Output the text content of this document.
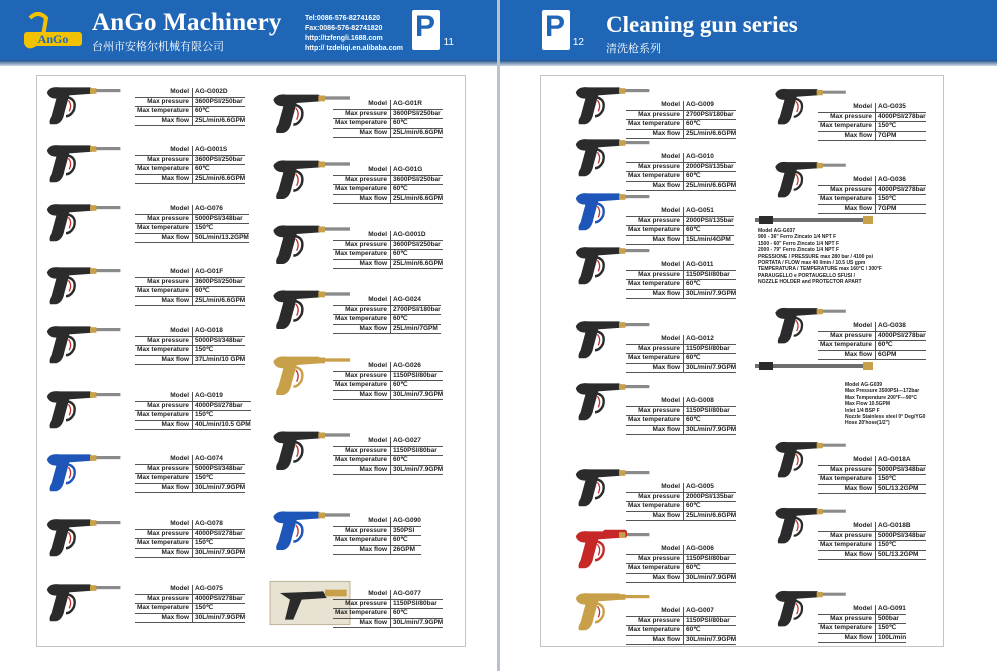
AnGo
AnGo Machinery
台州市安格尔机械有限公司
Tel:0086-576-82741620
Fax:0086-576-82741820
http://tzfengli.1688.com
http:// tzdeliqi.en.alibaba.com
P 11	P 12
Cleaning gun series
清洗枪系列
Model AG-G002D
Max pressure 3600PSI/250bar
Max temperature 60℃
Max flow 25L/min/6.6GPM
Model AG-G001S
Max pressure 3600PSI/250bar
Max temperature 60℃
Max flow 25L/min/6.6GPM
Model AG-G076
Max pressure 5000PSI/348bar
Max temperature 150℃
Max flow 50L/min/13.2GPM
Model AG-G01F
Max pressure 3600PSI/250bar
Max temperature 60℃
Max flow 25L/min/6.6GPM
Model AG-G018
Max pressure 5000PSI/348bar
Max temperature 150℃
Max flow 37L/min/10 GPM
Model AG-G019
Max pressure 4000PSI/278bar
Max temperature 150℃
Max flow 40L/min/10.5 GPM
Model AG-G074
Max pressure 5000PSI/348bar
Max temperature 150℃
Max flow 30L/min/7.9GPM
Model AG-G078
Max pressure 4000PSI/278bar
Max temperature 150℃
Max flow 30L/min/7.9GPM
Model AG-G075
Max pressure 4000PSI/278bar
Max temperature 150℃
Max flow 30L/min/7.9GPM
Model AG-G01R
Max pressure 3600PSI/250bar
Max temperature 60℃
Max flow 25L/min/6.6GPM
Model AG-G01G
Max pressure 3600PSI/250bar
Max temperature 60℃
Max flow 25L/min/6.6GPM
Model AG-G001D
Max pressure 3600PSI/250bar
Max temperature 60℃
Max flow 25L/min/6.6GPM
Model AG-G024
Max pressure 2700PSI/180bar
Max temperature 60℃
Max flow 25L/min/7GPM
Model AG-G026
Max pressure 1150PSI/80bar
Max temperature 60℃
Max flow 30L/min/7.9GPM
Model AG-G027
Max pressure 1150PSI/80bar
Max temperature 60℃
Max flow 30L/min/7.9GPM
Model AG-G090
Max pressure 350PSI
Max temperature 60℃
Max flow 26GPM
Model AG-G077
Max pressure 1150PSI/80bar
Max temperature 60℃
Max flow 30L/min/7.9GPM
Model AG-G009
Max pressure 2700PSI/180bar
Max temperature 60℃
Max flow 25L/min/6.6GPM
Model AG-G010
Max pressure 2000PSI/135bar
Max temperature 60℃
Max flow 25L/min/6.6GPM
Model AG-G051
Max pressure 2000PSI/135bar
Max temperature 60℃
Max flow 15L/min/4GPM
Model AG-G011
Max pressure 1150PSI/80bar
Max temperature 60℃
Max flow 30L/min/7.9GPM
Model AG-G012
Max pressure 1150PSI/80bar
Max temperature 60℃
Max flow 30L/min/7.9GPM
Model AG-G008
Max pressure 1150PSI/80bar
Max temperature 60℃
Max flow 30L/min/7.9GPM
Model AG-G005
Max pressure 2000PSI/135bar
Max temperature 60℃
Max flow 25L/min/6.6GPM
Model AG-G006
Max pressure 1150PSI/80bar
Max temperature 60℃
Max flow 30L/min/7.9GPM
Model AG-G007
Max pressure 1150PSI/80bar
Max temperature 60℃
Max flow 30L/min/7.9GPM
Model AG-G035
Max pressure 4000PSI/278bar
Max temperature 150℃
Max flow 7GPM
Model AG-G036
Max pressure 4000PSI/278bar
Max temperature 150℃
Max flow 7GPM
Model AG-G038
Max pressure 4000PSI/278bar
Max temperature 60℃
Max flow 6GPM
Model AG-G018A
Max pressure 5000PSI/348bar
Max temperature 150℃
Max flow 50L/13.2GPM
Model AG-G018B
Max pressure 5000PSI/348bar
Max temperature 150℃
Max flow 50L/13.2GPM
Model AG-G091
Max pressure 500bar
Max temperature 150℃
Max flow 100L/min
Model AG-G037
900 - 36" Ferro Zincato 1/4 NPT F
1500 - 60" Ferro Zincato 1/4 NPT F
2000 - 79" Ferro Zincato 1/4 NPT F
PRESSIONE / PRESSURE max 280 bar / 4100 psi
PORTATA / FLOW max 40 l/min / 10.5 US gpm
TEMPERATURA / TEMPERATURE max 160°C / 300°F
PARAUGELLO e PORTAUGELLO SFUSI /
NOZZLE HOLDER and PROTECTOR APART
Model AG-G039
Max Pressure 3500PSI---172bar
Max Temperature 200°F---90°C
Max Flow 10.5GPM
Inlet 1/4 BSP F
Nozzle Stainless steel 0° Deg/YG0
Hose 20'hose(1/2")
